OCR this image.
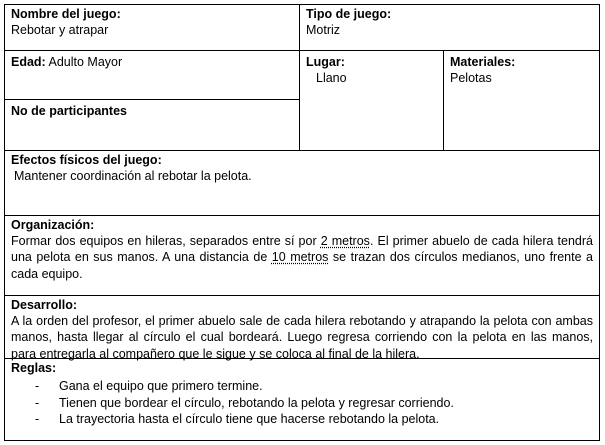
Nombre del juego:
Rebotar y atrapar
Tipo de juego:
Motriz
Edad: Adulto Mayor
No de participantes
Lugar:
Llano
Materiales:
Pelotas
Efectos físicos del juego:
Mantener coordinación al rebotar la pelota.
Organización:
Formar dos equipos en hileras, separados entre sí por 2 metros. El primer abuelo de cada hilera tendrá una pelota en sus manos. A una distancia de 10 metros se trazan dos círculos medianos, uno frente a cada equipo.
Desarrollo:
A la orden del profesor, el primer abuelo sale de cada hilera rebotando y atrapando la pelota con ambas manos, hasta llegar al círculo el cual bordeará. Luego regresa corriendo con la pelota en las manos, para entregarla al compañero que le sigue y se coloca al final de la hilera.
Reglas:
- Gana el equipo que primero termine.
- Tienen que bordear el círculo, rebotando la pelota y regresar corriendo.
- La trayectoria hasta el círculo tiene que hacerse rebotando la pelota.
